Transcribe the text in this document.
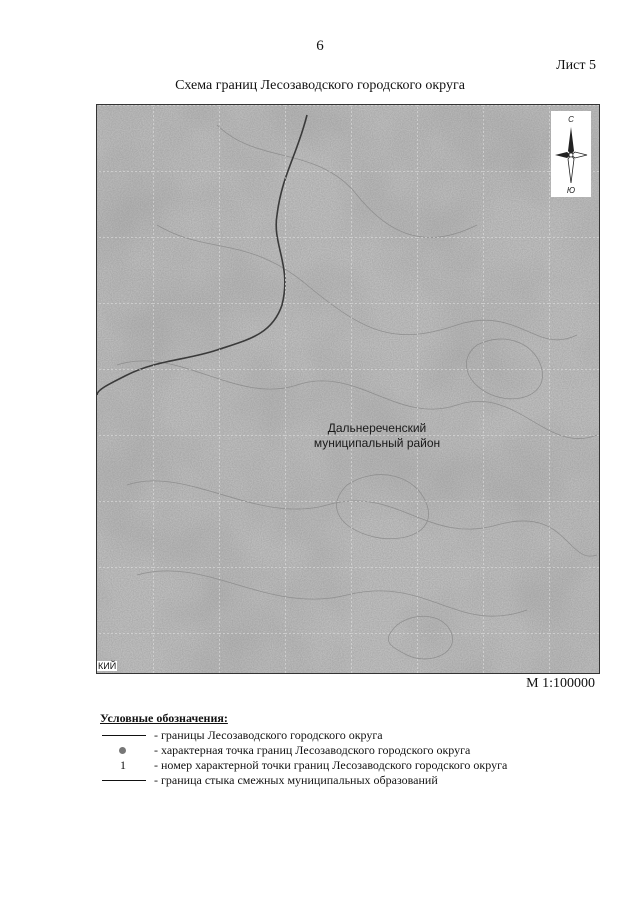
6
Лист 5
Схема границ Лесозаводского городского округа
С
Ю
Дальнереченский
муниципальный район
КИЙ
М 1:100000
Условные обозначения:
- границы Лесозаводского городского округа
- характерная точка границ Лесозаводского городского округа
1	- номер характерной точки границ Лесозаводского городского округа
- граница стыка смежных муниципальных образований
